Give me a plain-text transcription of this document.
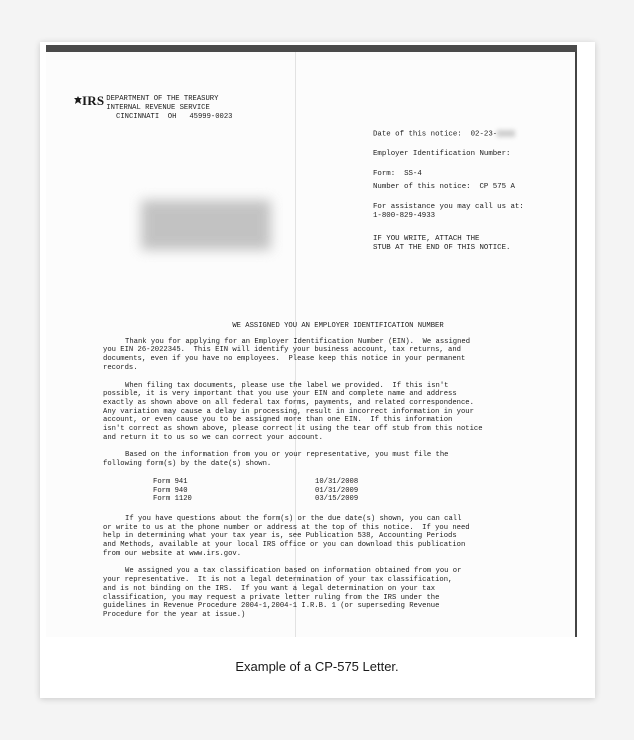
IRS DEPARTMENT OF THE TREASURY
INTERNAL REVENUE SERVICE
CINCINNATI  OH   45999-0023
Date of this notice: 02-23-
Employer Identification Number:
Form: SS-4
Number of this notice: CP 575 A
For assistance you may call us at:
1-800-829-4933
IF YOU WRITE, ATTACH THE
STUB AT THE END OF THIS NOTICE.
WE ASSIGNED YOU AN EMPLOYER IDENTIFICATION NUMBER
Thank you for applying for an Employer Identification Number (EIN).  We assigned
you EIN 26-2022345.  This EIN will identify your business account, tax returns, and
documents, even if you have no employees.  Please keep this notice in your permanent
records.
When filing tax documents, please use the label we provided.  If this isn't
possible, it is very important that you use your EIN and complete name and address
exactly as shown above on all federal tax forms, payments, and related correspondence.
Any variation may cause a delay in processing, result in incorrect information in your
account, or even cause you to be assigned more than one EIN.  If this information
isn't correct as shown above, please correct it using the tear off stub from this notice
and return it to us so we can correct your account.
Based on the information from you or your representative, you must file the
following form(s) by the date(s) shown.
Form 941	10/31/2008
Form 940	01/31/2009
Form 1120	03/15/2009
If you have questions about the form(s) or the due date(s) shown, you can call
or write to us at the phone number or address at the top of this notice.  If you need
help in determining what your tax year is, see Publication 538, Accounting Periods
and Methods, available at your local IRS office or you can download this publication
from our website at www.irs.gov.
We assigned you a tax classification based on information obtained from you or
your representative.  It is not a legal determination of your tax classification,
and is not binding on the IRS.  If you want a legal determination on your tax
classification, you may request a private letter ruling from the IRS under the
guidelines in Revenue Procedure 2004-1,2004-1 I.R.B. 1 (or superseding Revenue
Procedure for the year at issue.)
Example of a CP-575 Letter.
